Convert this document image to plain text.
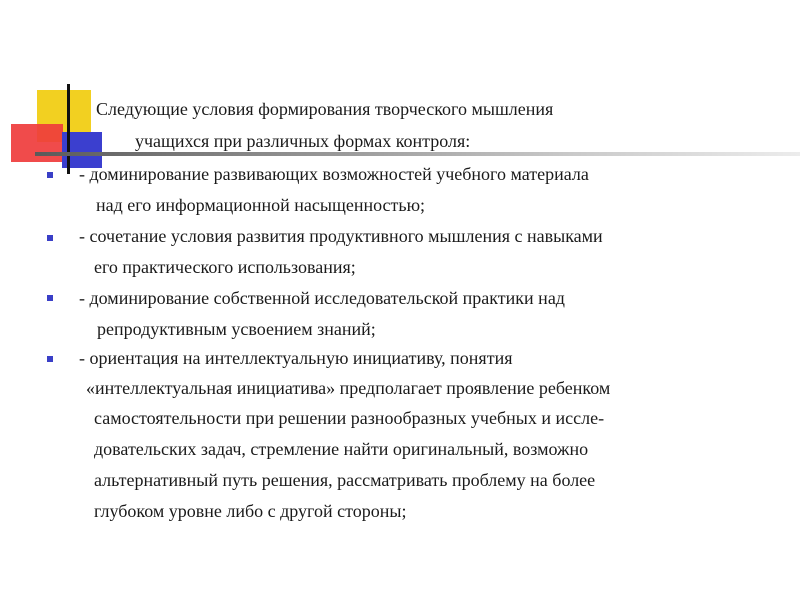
Следующие условия формирования творческого мышления
учащихся при различных формах контроля:
- доминирование развивающих возможностей учебного материала
над его информационной насыщенностью;
- сочетание условия развития продуктивного мышления с навыками
его практического использования;
- доминирование собственной исследовательской практики над
репродуктивным усвоением знаний;
- ориентация на интеллектуальную инициативу, понятия
«интеллектуальная инициатива» предполагает проявление ребенком
самостоятельности при решении разнообразных учебных и иссле-
довательских задач, стремление найти оригинальный, возможно
альтернативный путь решения, рассматривать проблему на более
глубоком уровне либо с другой стороны;
